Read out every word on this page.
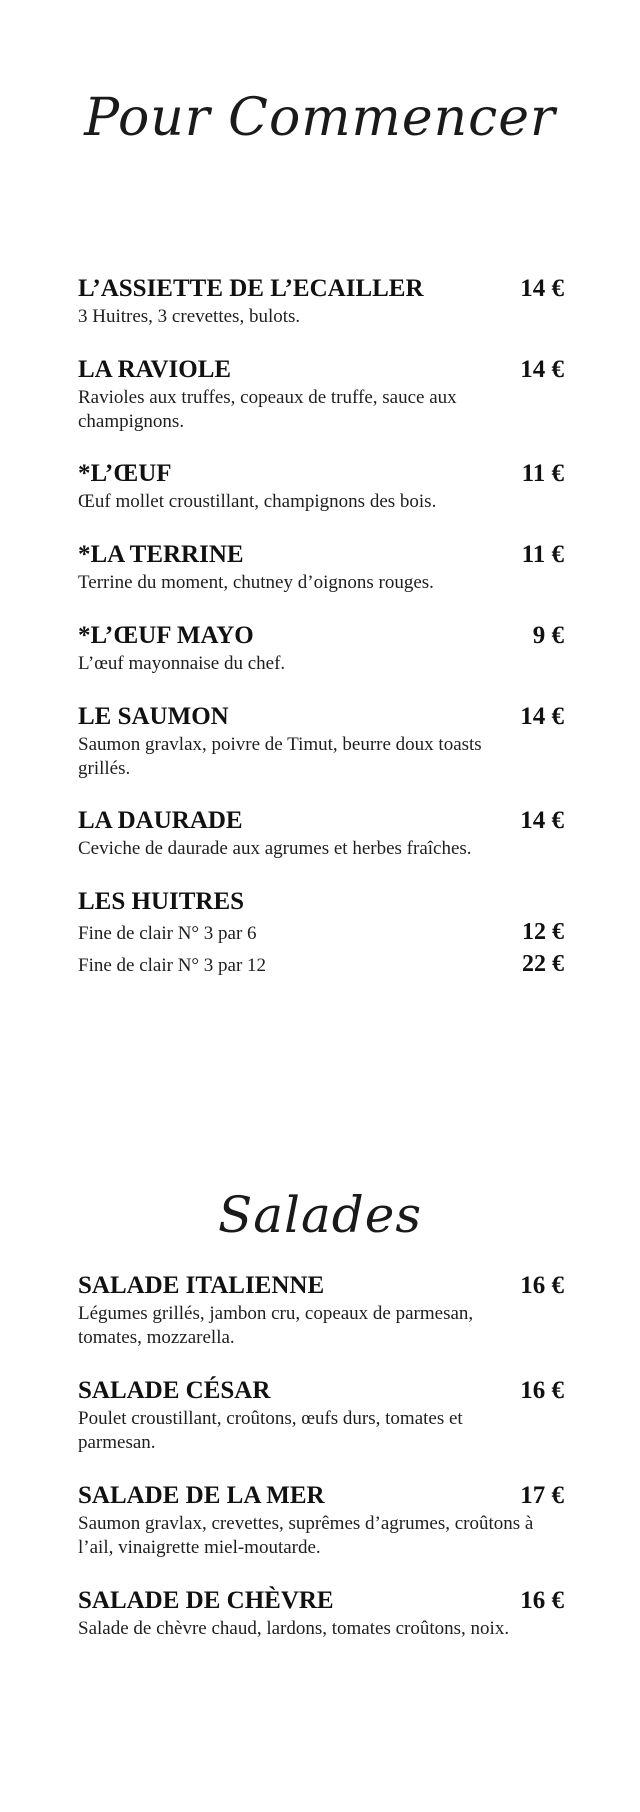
Pour Commencer
L’ASSIETTE DE L’ECAILLER	14 €
3 Huitres, 3 crevettes, bulots.
LA RAVIOLE	14 €
Ravioles aux truffes, copeaux de truffe, sauce aux champignons.
*L’ŒUF	11 €
Œuf mollet croustillant, champignons des bois.
*LA TERRINE	11 €
Terrine du moment, chutney d’oignons rouges.
*L’ŒUF MAYO	9 €
L’œuf mayonnaise du chef.
LE SAUMON	14 €
Saumon gravlax, poivre de Timut, beurre doux toasts grillés.
LA DAURADE	14 €
Ceviche de daurade aux agrumes et herbes fraîches.
LES HUITRES
Fine de clair N° 3 par 6	12 €
Fine de clair N° 3 par 12	22 €
Salades
SALADE ITALIENNE	16 €
Légumes grillés, jambon cru, copeaux de parmesan, tomates, mozzarella.
SALADE CÉSAR	16 €
Poulet croustillant, croûtons, œufs durs, tomates et parmesan.
SALADE DE LA MER	17 €
Saumon gravlax, crevettes, suprêmes d’agrumes, croûtons à l’ail, vinaigrette miel-moutarde.
SALADE DE CHÈVRE	16 €
Salade de chèvre chaud, lardons, tomates croûtons, noix.
